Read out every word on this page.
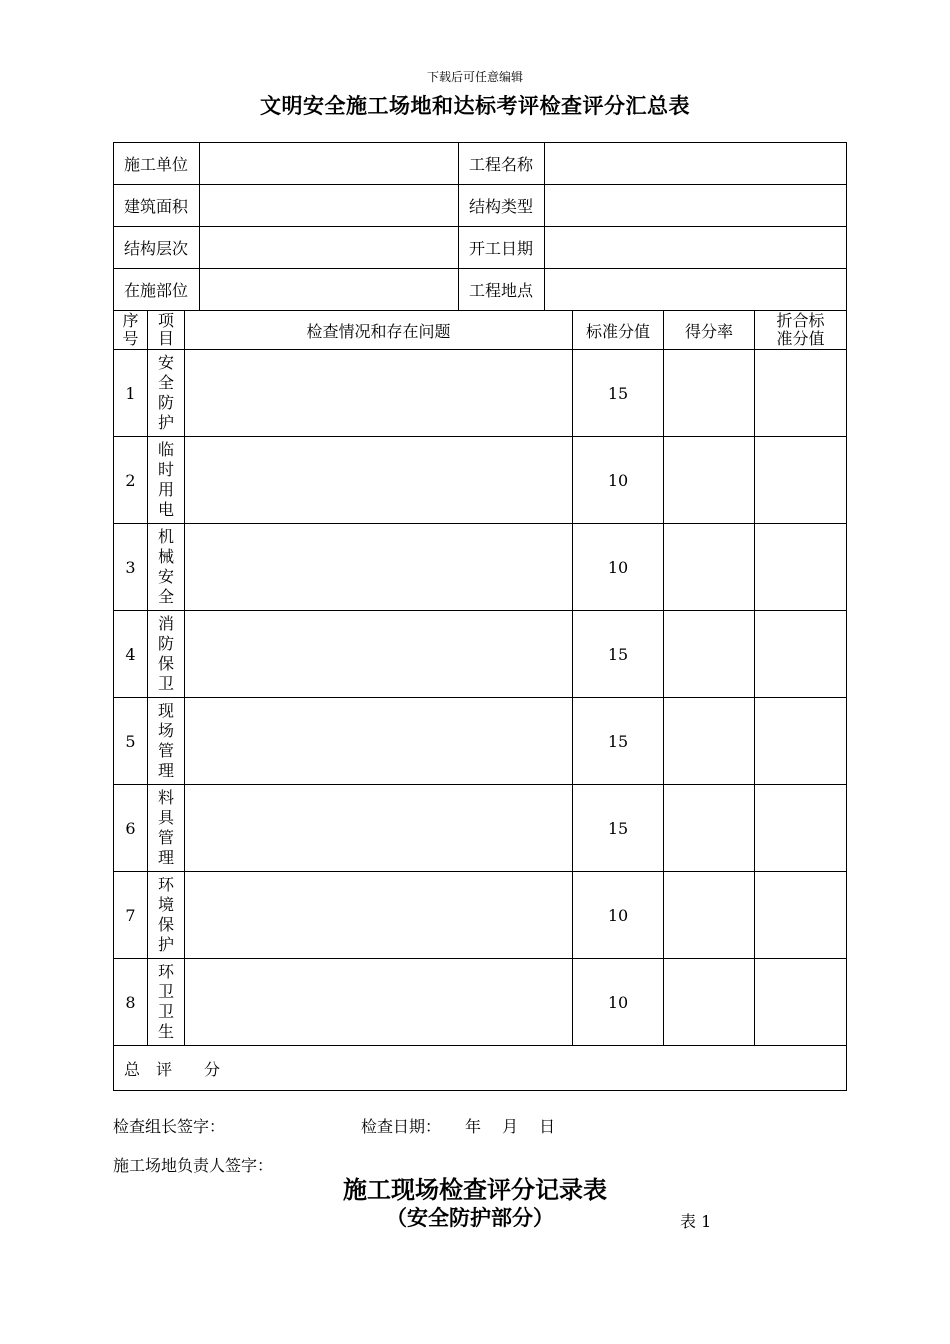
下载后可任意编辑
文明安全施工场地和达标考评检查评分汇总表
施工单位		工程名称	
建筑面积		结构类型	
结构层次		开工日期	
在施部位		工程地点	
序号	项目	检查情况和存在问题	标准分值	得分率	折合标准分值
1	安全防护		15		
2	临时用电		10		
3	机械安全		10		
4	消防保卫		15		
5	现场管理		15		
6	料具管理		15		
7	环境保护		10		
8	环卫卫生		10		
总　评　　分					
检查组长签字：	检查日期：　　年　 月　 日
施工场地负责人签字：
施工现场检查评分记录表
（安全防护部分）	表 1
